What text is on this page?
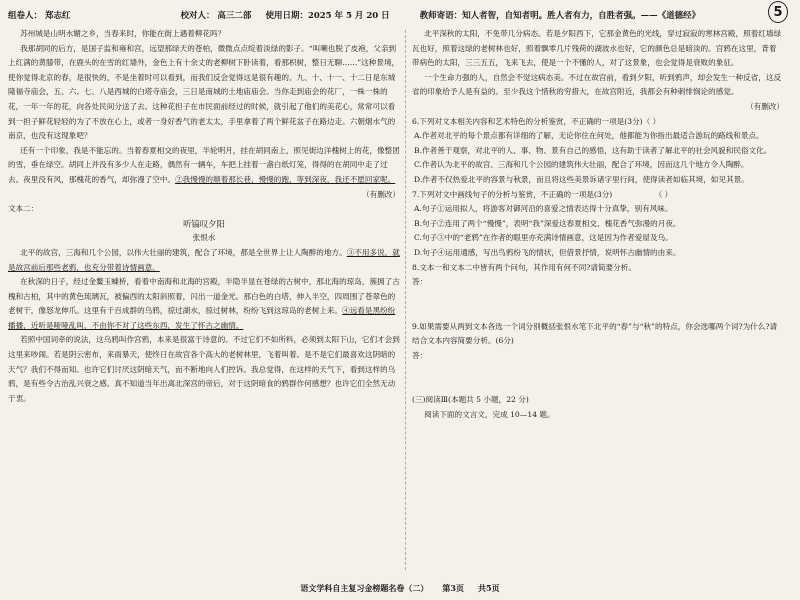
组卷人： 郑志红	校对人： 高三二部 使用日期：2025 年 5 月 20 日	教师寄语：知人者智，自知者明。胜人者有力，自胜者强。——《道德经》	5

苏州城是山明水媚之乡，当春来时，你能在街上遇着柳花吗？

我那胡同的后方，是国子监和雍和宫，远望那绿天的苍柏，微微点点绽着淡绿的影子。“叫喇也脱了皮袍，父亲到上红满的黄膝带，在鹿头的在雪的红墙外，金色上有十余丈的老柳树下卧读着，看那枳树，整日无聊……”这种景境，使你觉得北京的春，是很快的，不是坐着时可以看到，而我们反会觉得这是很有趣的。九、十、十一、十二日是东城隆福寺庙会，五、六、七、八是西城的白塔寺庙会，三日是南城的土地庙庙会。当你走到庙会的花厂，一株一株的花，一年一年的花，向各处民间分送了去。这种花担子在市民面前经过的时候，就引起了他们的美花心，常常可以看到一担子鲜花轻轻的为了不放在心上，或者一身好香气的老太太，手里拿着了两个鲜花盆子在路边走。六朝烟水气的南京，也没有这现象吧？

还有一个印象，我是不能忘的。当着春夏相交的夜里，半轮明月，挂在胡同南上，照见街边洋槐树上的花，像整团的雪，垂在绿空。胡同上并没有多少人在走路，偶然有一辆车，车把上挂着一盏白纸灯笼，得得的在胡同中走了过去。夜里没有风，那槐花的香气，却弥漫了空中。②我慢慢的顺着那长巷，慢慢的跑，等到深夜，我还不愿回家呢。

（有删改）

文本二：

听镐叹夕阳

张恨水

北平的故宫，三海和几个公园，以伟大壮丽的建筑，配合了环境，都是全世界上让人陶醉的地方。③不用多说，就是故宫前后那些老鸦，也充分带着诗情画意。

在秋深的日子，经过金鳌玉蝀桥，看着中南海和北海的宫殿，半隐半显在苍绿的古树中，那北海的琼岛，簇拥了古槐和古柏，其中的黄色琉璃瓦，被偏西的太阳斜照着，闪出一道金光。那白色的白塔，伸入半空，四周围了苍翠色的老树干，像怒龙伸爪。这里有千百成群的乌鸦，掠过湖水，掠过树林，纷纷飞到这琼岛的老树上来。④远看是黑纷纷播播，近听是哑哑乱叫，不由你不对了这些东西，发生了怀古之幽情。

若照中国词牵的说法，这乌鸦叫作宫鸦，本来是很富于诗意的。不过它们不如所料，必须到太阳下山，它们才会到这里来吵闹。若是阴云密布，来雨暴天，使终日在故宫各个高大的老树林里，飞着叫着。是不是它们最喜欢这阴暗的天气？我们不得而知。也许它们讨厌这阴暗天气，而不断地向人们控诉。我总觉得，在这样的天气下，看到这样的乌鸦，是有些令古治乱兴衰之感。真不知道当年出离北深宫的帝后，对于这阴暗食的鸦群作何感想？也许它们全然无动于衷。

北平深秋的太阳，不免带几分病态。若是夕阳西下，它那金黄色的光线，穿过寂寂的寒林宫殿，照着红墙绿瓦也好，照着这绿的老树林也好，照着飘零几片残荷的湖波水也好，它的颜色总是暗淡的。宫鸦在这里，背着带病色的太阳，三三五五，飞来飞去，使是一个不懂的人，对了这景象，也会觉得是衰败的象征。

一个生命力强的人，自然会不觉这病态美。不过在故宫前，看到夕阳，听到鸦声，却会发生一种反省，这反省的印象给予人是有益的。至少我这个惜秋的穷措大，在故宫附近，我都会有种刺悱悯论的感觉。

（有删改）

6.下列对文本相关内容和艺术特色的分析鉴赏，不正确的一项是(3分)（ ）

A.作者对北平的每个景点都有详细的了解，无论你住在何处，他都能为你指出最适合游玩的路线和景点。

B.作者善于观察，对北平的人、事、物、景有自己的感悟，这有助于读者了解北平的社会风貌和民俗文化。

C.作者认为北平的故宫、三海和几个公园的建筑伟大壮丽，配合了环境，因而这几个地方令人陶醉。

D.作者不仅热爱北平的容景与秋景，而且将这些美景诉诸字里行间，使得读者如临其境，如见其景。

7.下列对文中画线句子的分析与鉴赏，不正确的一项是(3分)	（ ）

A.句子①运用拟人，将游客对御河沿的喜爱之情表达得十分真挚，别有风味。

B.句子②连用了两个“慢慢”，表明“我”深爱这春夏相交、槐花香气弥漫的月夜。

C.句子③中的“老鸦”在作者的眼里亦充满诗情画意，这是因为作者爱屋及乌。

D.句子④运用通感，写出鸟鸦纷飞的情状，但借景抒情，说明怀古幽情的由来。

8.文本一和文本二中皆有两个问句，其作用有何不同?请简要分析。

答：

9.如果需要从两到文本各选一个词分别概括张恨水笔下北平的“春”与“秋”的特点，你会选哪两个词?为什么?请结合文本内容简要分析。(6分)

答：

(三)阅读Ⅲ(本题共 5 小题，22 分)

阅读下面的文言文，完成 10—14 题。

语文学科自主复习金榜题名卷（二） 第3页 共5页
